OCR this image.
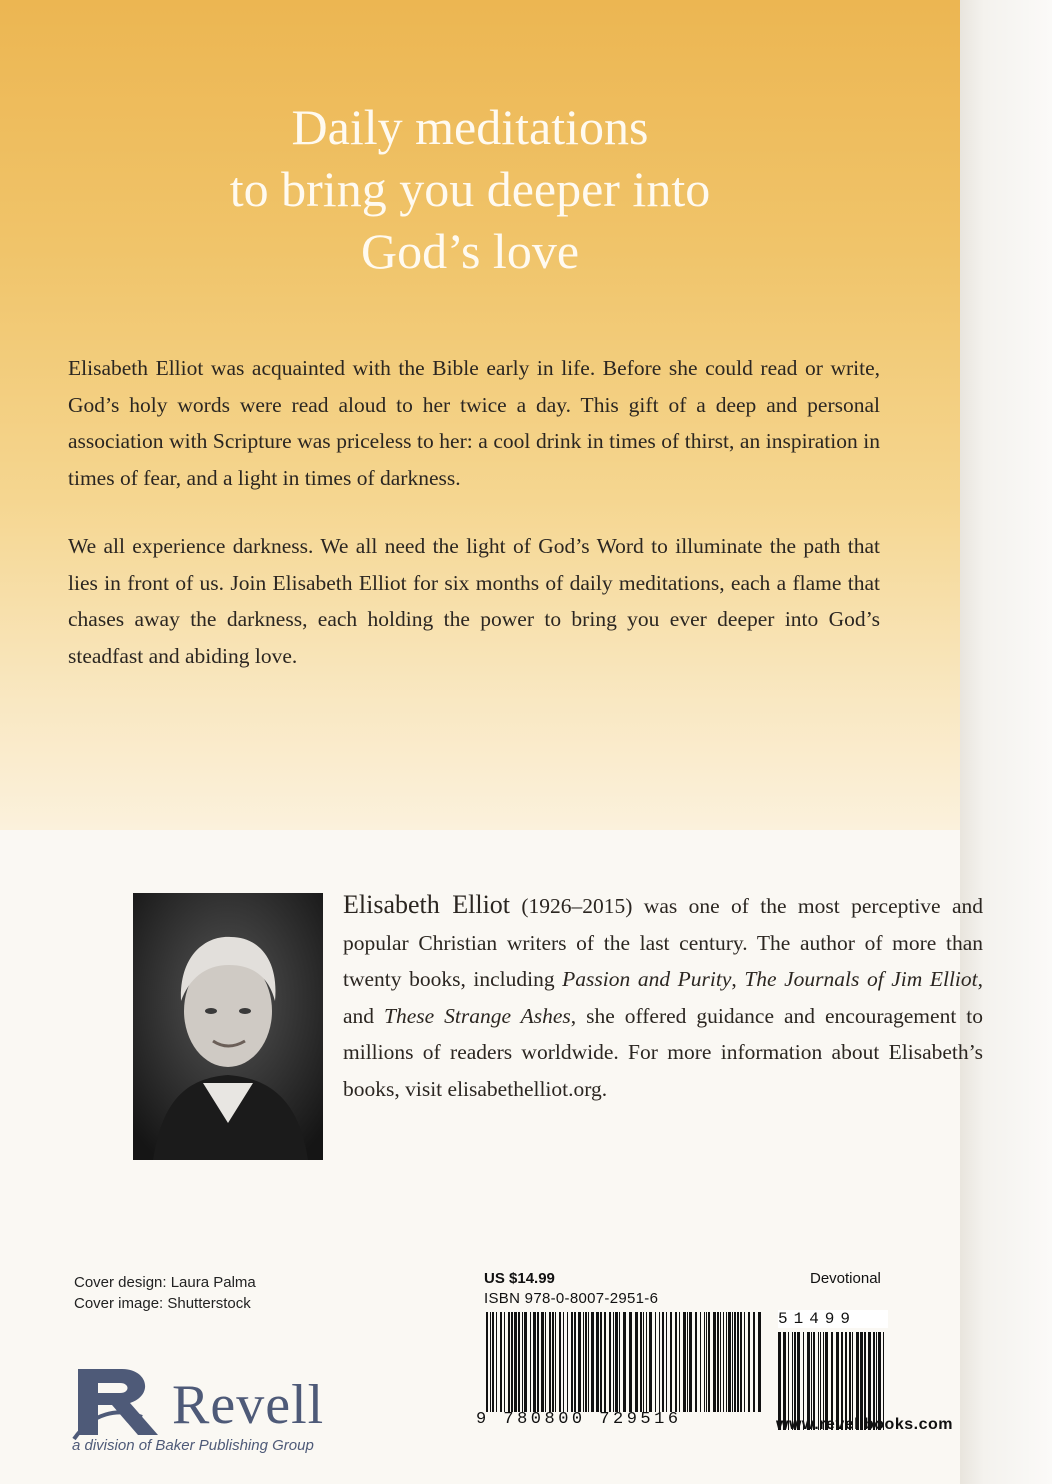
Daily meditations
to bring you deeper into
God’s love

Elisabeth Elliot was acquainted with the Bible early in life. Before she could read or write, God’s holy words were read aloud to her twice a day. This gift of a deep and personal association with Scripture was priceless to her: a cool drink in times of thirst, an inspiration in times of fear, and a light in times of darkness.

We all experience darkness. We all need the light of God’s Word to illuminate the path that lies in front of us. Join Elisabeth Elliot for six months of daily meditations, each a flame that chases away the darkness, each holding the power to bring you ever deeper into God’s steadfast and abiding love.

Elisabeth Elliot (1926–2015) was one of the most perceptive and popular Christian writers of the last century. The author of more than twenty books, including Passion and Purity, The Journals of Jim Elliot, and These Strange Ashes, she offered guidance and encouragement to millions of readers worldwide. For more information about Elisabeth’s books, visit elisabethelliot.org.
Cover design: Laura Palma
Cover image: Shutterstock
Revell
a division of Baker Publishing Group
US $14.99	Devotional
ISBN 978-0-8007-2951-6
51499
9 780800 729516	www.revellbooks.com
